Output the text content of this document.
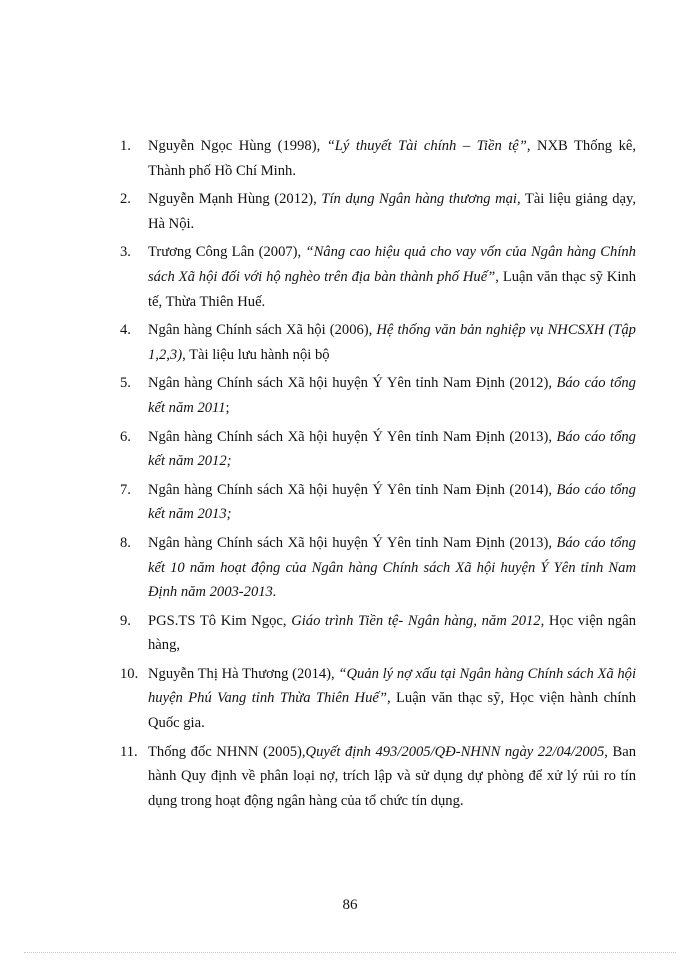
1.	Nguyễn Ngọc Hùng (1998), “Lý thuyết Tài chính – Tiền tệ”, NXB Thống kê, Thành phố Hồ Chí Minh.
2.	Nguyễn Mạnh Hùng (2012), Tín dụng Ngân hàng thương mại, Tài liệu giảng dạy, Hà Nội.
3.	Trương Công Lân (2007), “Nâng cao hiệu quả cho vay vốn của Ngân hàng Chính sách Xã hội đối với hộ nghèo trên địa bàn thành phố Huế”, Luận văn thạc sỹ Kinh tế, Thừa Thiên Huế.
4.	Ngân hàng Chính sách Xã hội (2006), Hệ thống văn bản nghiệp vụ NHCSXH (Tập 1,2,3), Tài liệu lưu hành nội bộ
5.	Ngân hàng Chính sách Xã hội huyện Ý Yên tỉnh Nam Định (2012), Báo cáo tổng kết năm 2011;
6.	Ngân hàng Chính sách Xã hội huyện Ý Yên tỉnh Nam Định (2013), Báo cáo tổng kết năm 2012;
7.	Ngân hàng Chính sách Xã hội huyện Ý Yên tỉnh Nam Định (2014), Báo cáo tổng kết năm 2013;
8.	Ngân hàng Chính sách Xã hội huyện Ý Yên tỉnh Nam Định (2013), Báo cáo tổng kết 10 năm hoạt động của Ngân hàng Chính sách Xã hội huyện Ý Yên tỉnh Nam Định năm 2003-2013.
9.	PGS.TS Tô Kim Ngọc, Giáo trình Tiền tệ- Ngân hàng, năm 2012, Học viện ngân hàng,
10. Nguyễn Thị Hà Thương (2014), “Quản lý nợ xấu tại Ngân hàng Chính sách Xã hội huyện Phú Vang tỉnh Thừa Thiên Huế”, Luận văn thạc sỹ, Học viện hành chính Quốc gia.
11. Thống đốc NHNN (2005),Quyết định 493/2005/QĐ-NHNN ngày 22/04/2005, Ban hành Quy định về phân loại nợ, trích lập và sử dụng dự phòng để xử lý rủi ro tín dụng trong hoạt động ngân hàng của tổ chức tín dụng.
86
